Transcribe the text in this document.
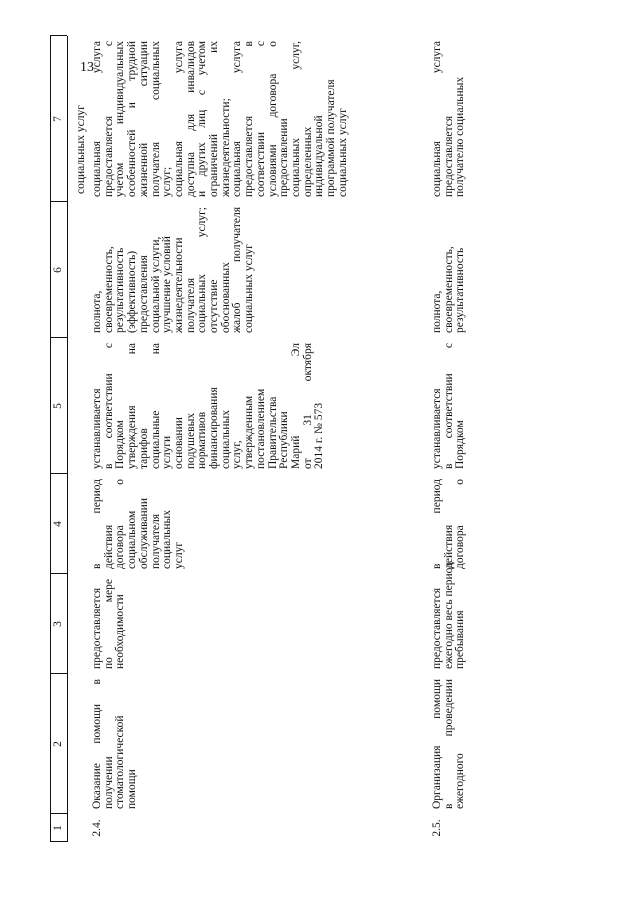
13
1
2
3
4
5
6
7 социальных услуг
2.4.
Оказание помощи в получении стоматологической помощи
предоставляется по мере необходимости
в период действия договора о социальном обслуживании получателя социальных услуг
устанавливается в соответствии с Порядком утверждения на тарифов социальные на услуги основании подушевых нормативов финансирования социальных услуг, утвержденным постановлением Правительства Республики Марий Эл от 31 октября 2014 г. № 573
полнота, своевременность, результативность (эффективность) предоставления социальной услуги, улучшение условий жизнедеятельности получателя социальных услуг; отсутствие обоснованных жалоб получателя социальных услуг
социальная услуга предоставляется с учетом индивидуальных особенностей и трудной жизненной ситуации получателя социальных услуг; социальная услуга доступна для инвалидов и других лиц с учетом ограничений их жизнедеятельности; социальная услуга предоставляется в соответствии с условиями договора о предоставлении социальных услуг, определенных индивидуальной программой получателя социальных услуг
2.5.
Организация помощи в проведении ежегодного
предоставляется ежегодно весь период пребывания
в период действия договора о
устанавливается в соответствии с Порядком
полнота, своевременность, результативность
социальная услуга предоставляется получателю социальных
